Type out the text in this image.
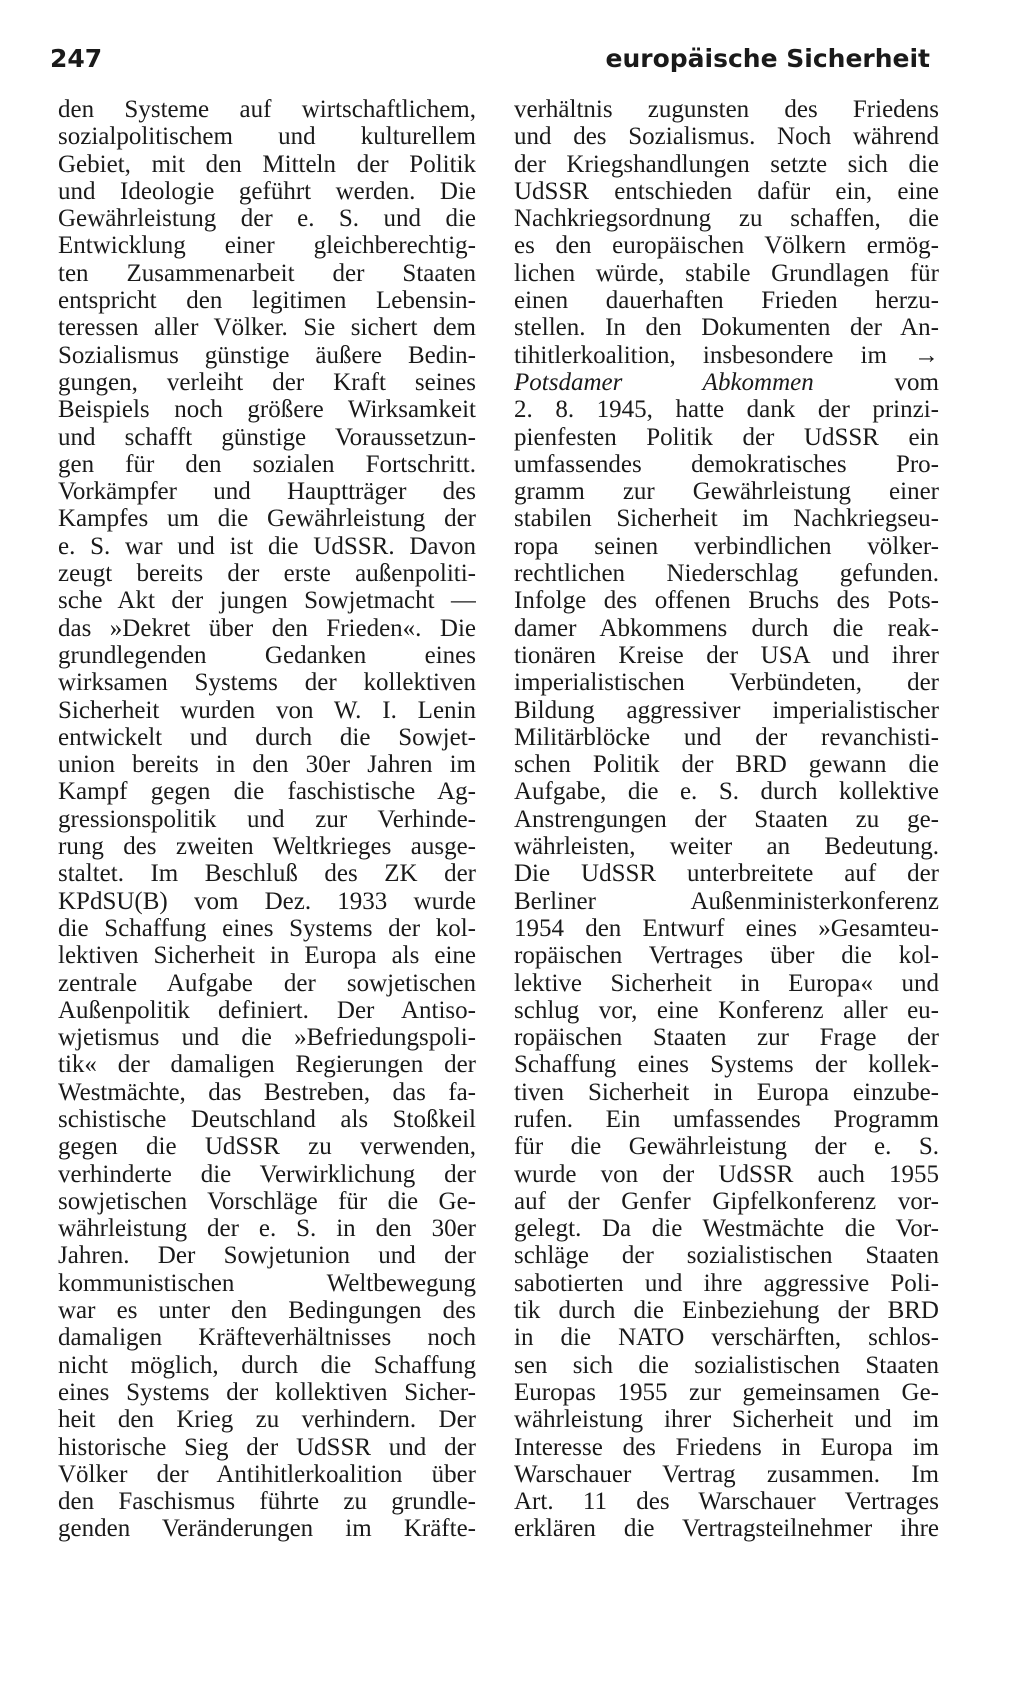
247	europäische Sicherheit
den Systeme auf wirtschaftlichem,
sozialpolitischem und kulturellem
Gebiet, mit den Mitteln der Politik
und Ideologie geführt werden. Die
Gewährleistung der e. S. und die
Entwicklung einer gleichberechtig-
ten Zusammenarbeit der Staaten
entspricht den legitimen Lebensin-
teressen aller Völker. Sie sichert dem
Sozialismus günstige äußere Bedin-
gungen, verleiht der Kraft seines
Beispiels noch größere Wirksamkeit
und schafft günstige Voraussetzun-
gen für den sozialen Fortschritt.
Vorkämpfer und Hauptträger des
Kampfes um die Gewährleistung der
e. S. war und ist die UdSSR. Davon
zeugt bereits der erste außenpoliti-
sche Akt der jungen Sowjetmacht —
das »Dekret über den Frieden«. Die
grundlegenden Gedanken eines
wirksamen Systems der kollektiven
Sicherheit wurden von W. I. Lenin
entwickelt und durch die Sowjet-
union bereits in den 30er Jahren im
Kampf gegen die faschistische Ag-
gressionspolitik und zur Verhinde-
rung des zweiten Weltkrieges ausge-
staltet. Im Beschluß des ZK der
KPdSU(B) vom Dez. 1933 wurde
die Schaffung eines Systems der kol-
lektiven Sicherheit in Europa als eine
zentrale Aufgabe der sowjetischen
Außenpolitik definiert. Der Antiso-
wjetismus und die »Befriedungspoli-
tik« der damaligen Regierungen der
Westmächte, das Bestreben, das fa-
schistische Deutschland als Stoßkeil
gegen die UdSSR zu verwenden,
verhinderte die Verwirklichung der
sowjetischen Vorschläge für die Ge-
währleistung der e. S. in den 30er
Jahren. Der Sowjetunion und der
kommunistischen Weltbewegung
war es unter den Bedingungen des
damaligen Kräfteverhältnisses noch
nicht möglich, durch die Schaffung
eines Systems der kollektiven Sicher-
heit den Krieg zu verhindern. Der
historische Sieg der UdSSR und der
Völker der Antihitlerkoalition über
den Faschismus führte zu grundle-
genden Veränderungen im Kräfte-
verhältnis zugunsten des Friedens
und des Sozialismus. Noch während
der Kriegshandlungen setzte sich die
UdSSR entschieden dafür ein, eine
Nachkriegsordnung zu schaffen, die
es den europäischen Völkern ermög-
lichen würde, stabile Grundlagen für
einen dauerhaften Frieden herzu-
stellen. In den Dokumenten der An-
tihitlerkoalition, insbesondere im →
Potsdamer Abkommen	vom
2. 8. 1945, hatte dank der prinzi-
pienfesten Politik der UdSSR ein
umfassendes demokratisches Pro-
gramm zur Gewährleistung einer
stabilen Sicherheit im Nachkriegseu-
ropa seinen verbindlichen völker-
rechtlichen Niederschlag gefunden.
Infolge des offenen Bruchs des Pots-
damer Abkommens durch die reak-
tionären Kreise der USA und ihrer
imperialistischen Verbündeten, der
Bildung aggressiver imperialistischer
Militärblöcke und der revanchisti-
schen Politik der BRD gewann die
Aufgabe, die e. S. durch kollektive
Anstrengungen der Staaten zu ge-
währleisten, weiter an Bedeutung.
Die UdSSR unterbreitete auf der
Berliner Außenministerkonferenz
1954 den Entwurf eines »Gesamteu-
ropäischen Vertrages über die kol-
lektive Sicherheit in Europa« und
schlug vor, eine Konferenz aller eu-
ropäischen Staaten zur Frage der
Schaffung eines Systems der kollek-
tiven Sicherheit in Europa einzube-
rufen. Ein umfassendes Programm
für die Gewährleistung der e. S.
wurde von der UdSSR auch 1955
auf der Genfer Gipfelkonferenz vor-
gelegt. Da die Westmächte die Vor-
schläge der sozialistischen Staaten
sabotierten und ihre aggressive Poli-
tik durch die Einbeziehung der BRD
in die NATO verschärften, schlos-
sen sich die sozialistischen Staaten
Europas 1955 zur gemeinsamen Ge-
währleistung ihrer Sicherheit und im
Interesse des Friedens in Europa im
Warschauer Vertrag zusammen. Im
Art. 11 des Warschauer Vertrages
erklären die Vertragsteilnehmer ihre
